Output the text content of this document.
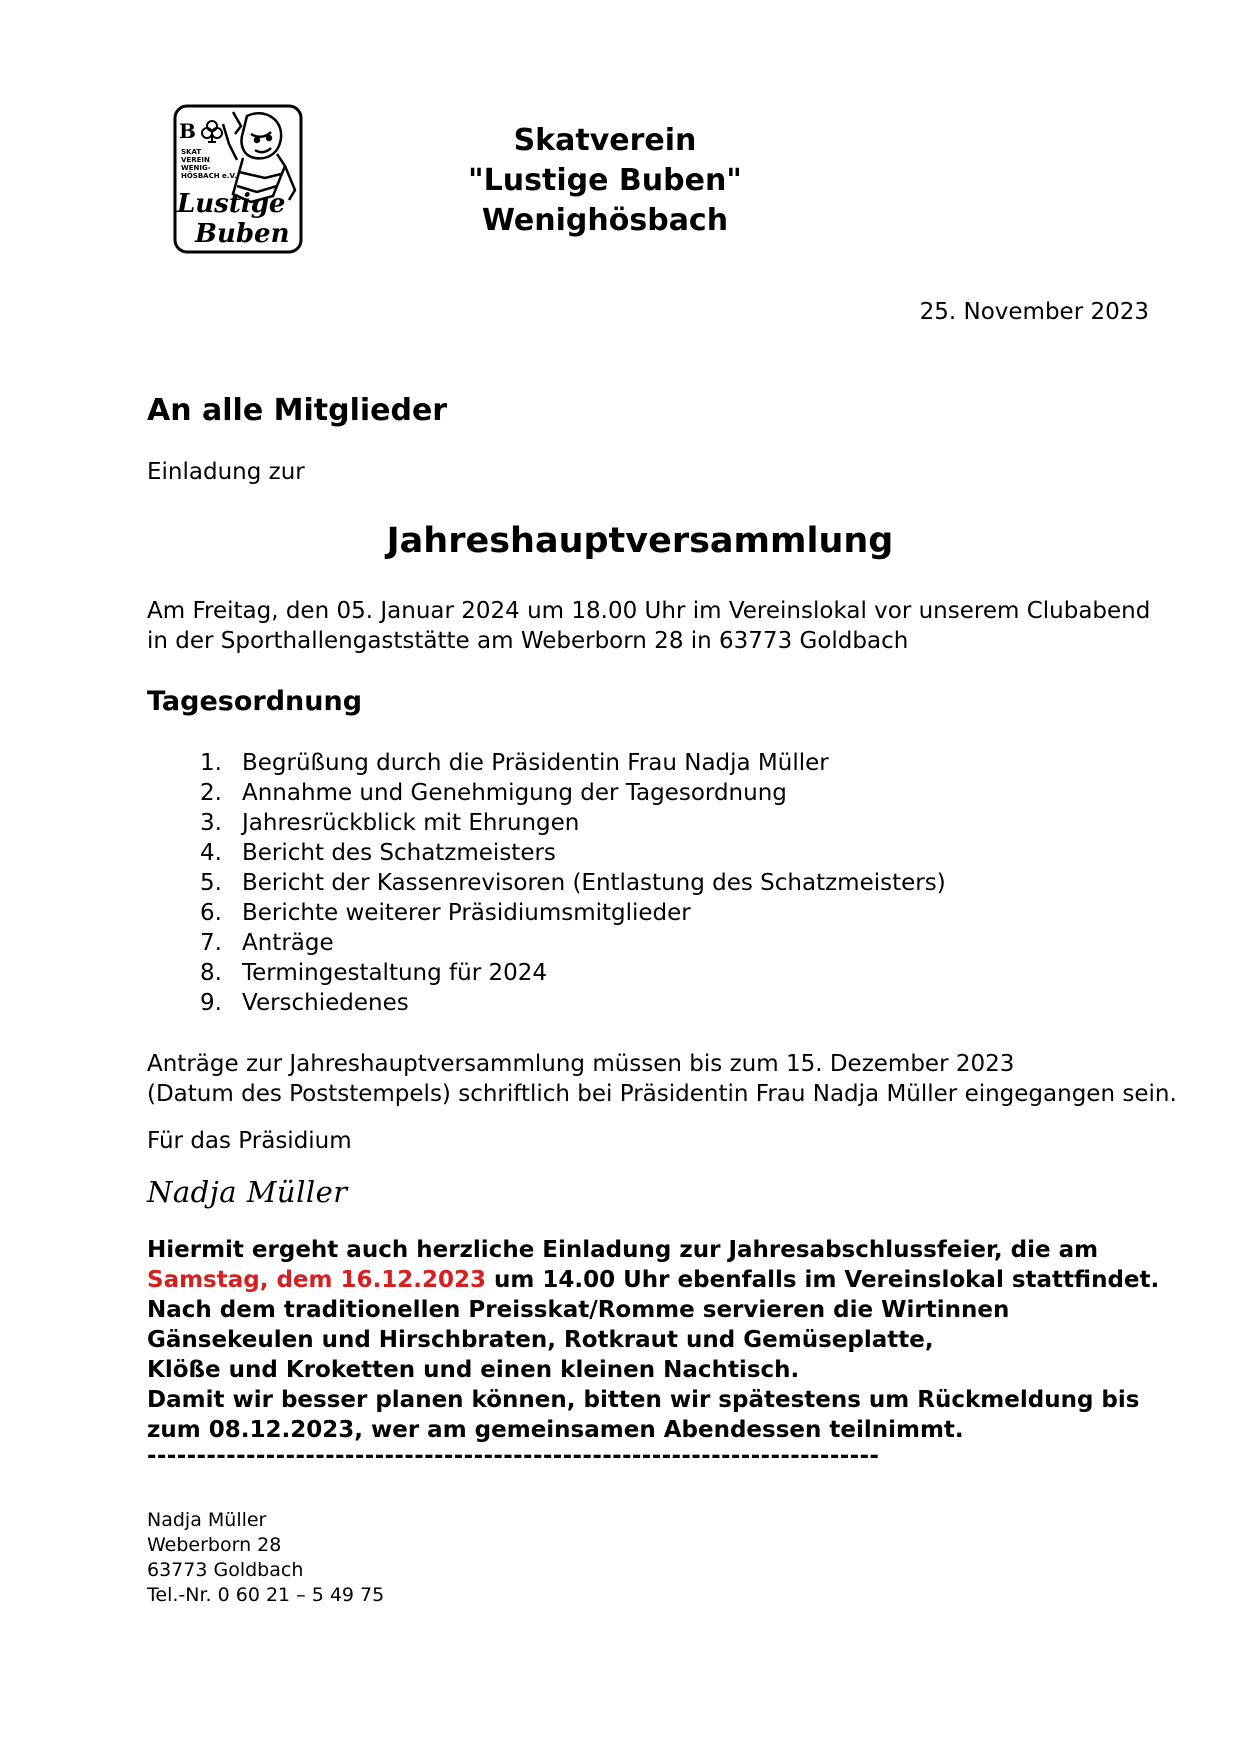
B
SKAT
VEREIN
WENIG-
HÖSBACH e.V.
Lustige
Buben
Skatverein
"Lustige Buben"
Wenighösbach
25. November 2023
An alle Mitglieder
Einladung zur
Jahreshauptversammlung
Am Freitag, den 05. Januar 2024 um 18.00 Uhr im Vereinslokal vor unserem Clubabend
in der Sporthallengaststätte am Weberborn 28 in 63773 Goldbach
Tagesordnung
1. Begrüßung durch die Präsidentin Frau Nadja Müller
2. Annahme und Genehmigung der Tagesordnung
3. Jahresrückblick mit Ehrungen
4. Bericht des Schatzmeisters
5. Bericht der Kassenrevisoren (Entlastung des Schatzmeisters)
6. Berichte weiterer Präsidiumsmitglieder
7. Anträge
8. Termingestaltung für 2024
9. Verschiedenes
Anträge zur Jahreshauptversammlung müssen bis zum 15. Dezember 2023
(Datum des Poststempels) schriftlich bei Präsidentin Frau Nadja Müller eingegangen sein.
Für das Präsidium
Nadja Müller
Hiermit ergeht auch herzliche Einladung zur Jahresabschlussfeier, die am
Samstag, dem 16.12.2023 um 14.00 Uhr ebenfalls im Vereinslokal stattfindet.
Nach dem traditionellen Preisskat/Romme servieren die Wirtinnen
Gänsekeulen und Hirschbraten, Rotkraut und Gemüseplatte,
Klöße und Kroketten und einen kleinen Nachtisch.
Damit wir besser planen können, bitten wir spätestens um Rückmeldung bis
zum 08.12.2023, wer am gemeinsamen Abendessen teilnimmt.
--------------------------------------------------------------------------
Nadja Müller
Weberborn 28
63773 Goldbach
Tel.-Nr. 0 60 21 – 5 49 75
